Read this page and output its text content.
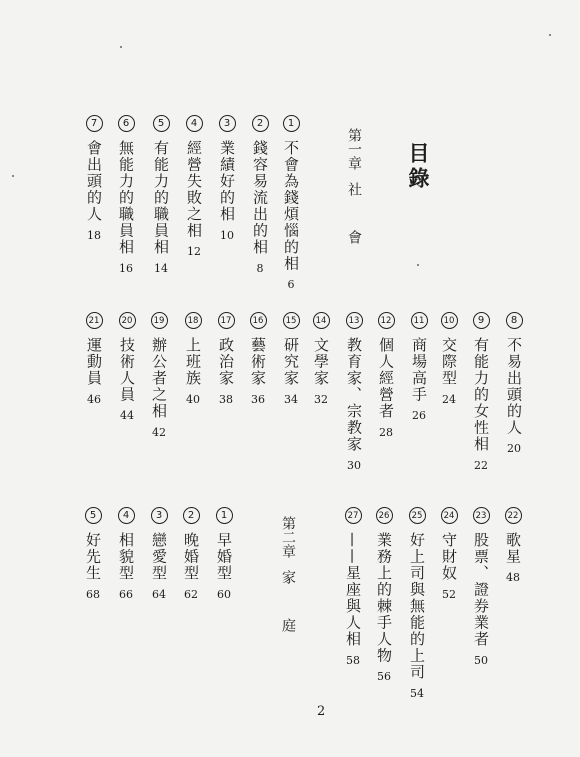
目錄
第一章
社會
第二章
家庭
1
不會為錢煩惱的相
6
2
錢容易流出的相
8
3
業績好的相
10
4
經營失敗之相
12
5
有能力的職員相
14
6
無能力的職員相
16
7
會出頭的人
18
8
不易出頭的人
20
9
有能力的女性相
22
10
交際型
24
11
商場高手
26
12
個人經營者
28
13
教育家、宗教家
30
14
文學家
32
15
研究家
34
16
藝術家
36
17
政治家
38
18
上班族
40
19
辦公者之相
42
20
技術人員
44
21
運動員
46
22
歌星
48
23
股票、證券業者
50
24
守財奴
52
25
好上司與無能的上司
54
26
業務上的棘手人物
56
27
——星座與人相
58
1
早婚型
60
2
晚婚型
62
3
戀愛型
64
4
相貌型
66
5
好先生
68
2
